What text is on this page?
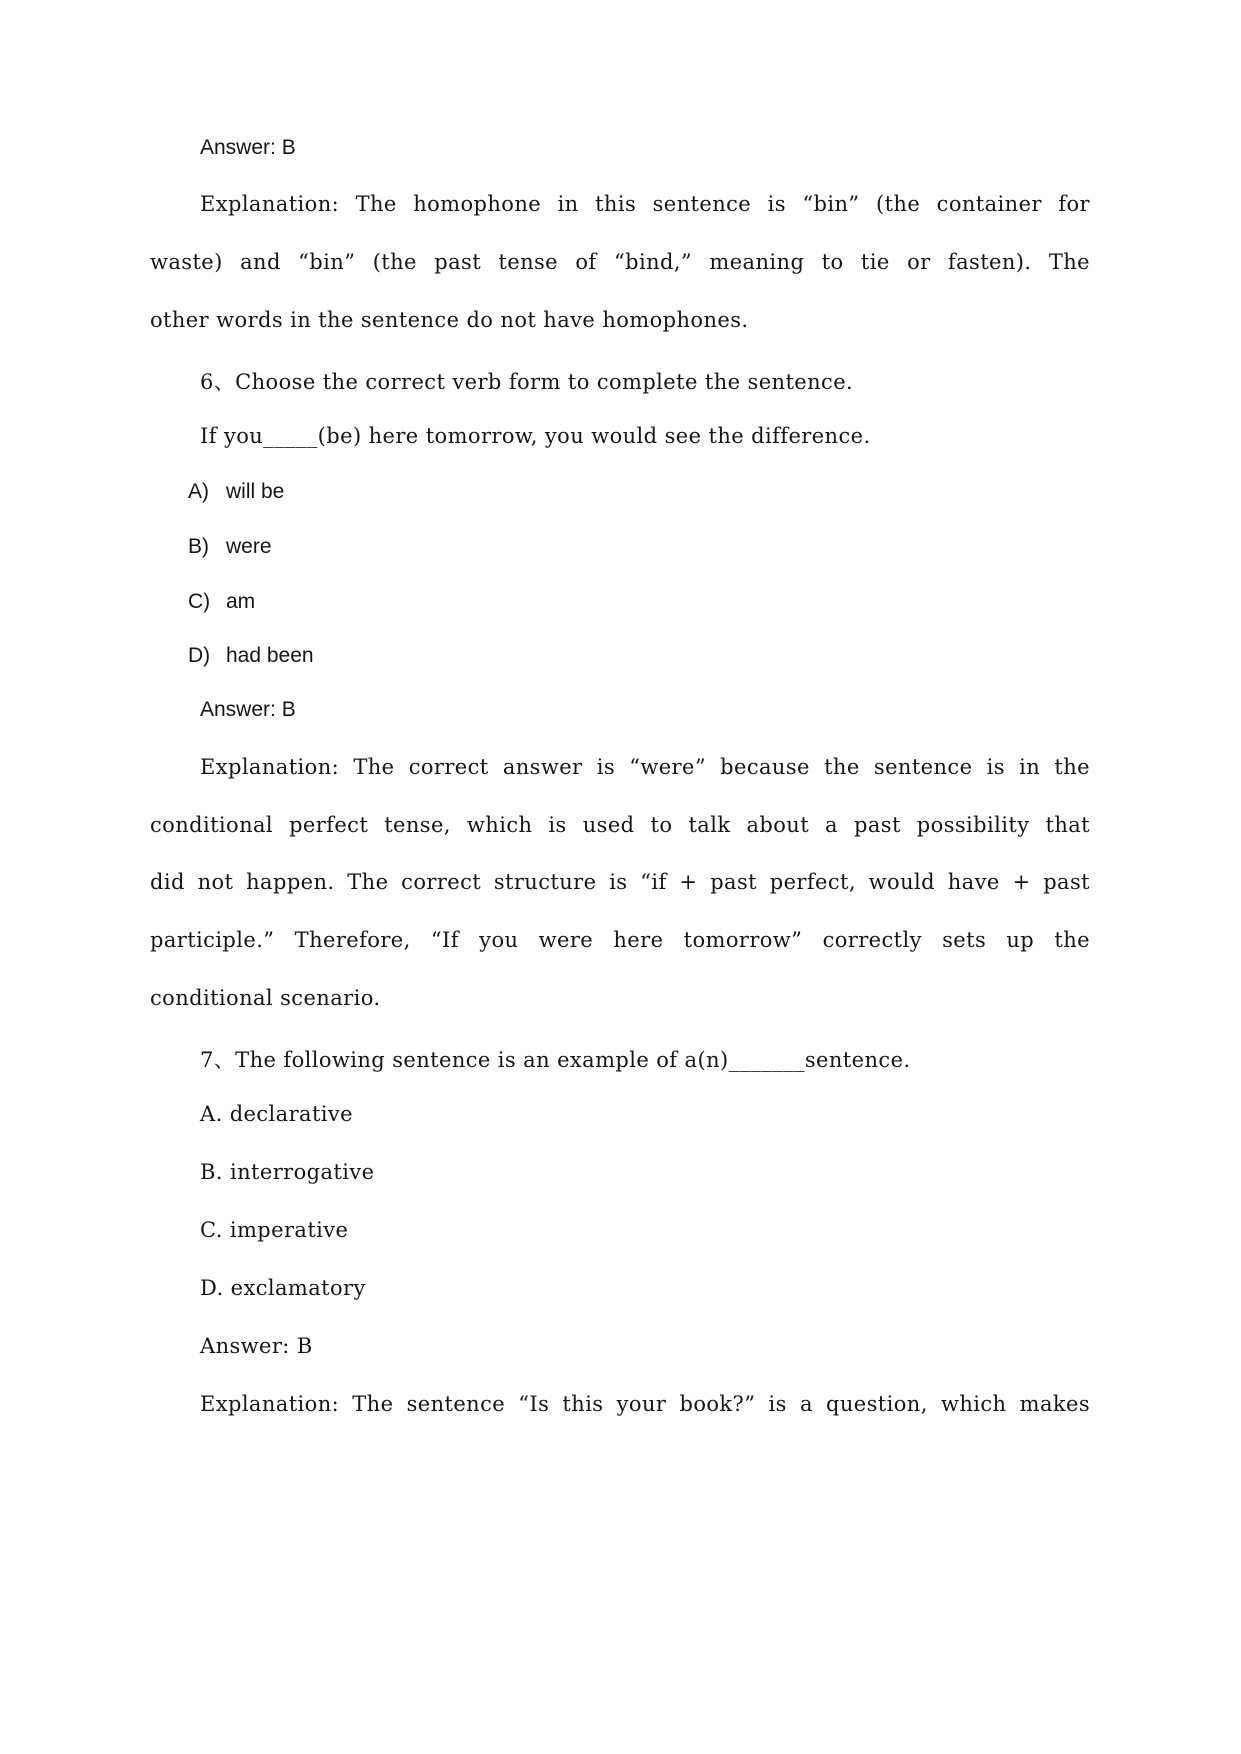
Answer: B
Explanation: The homophone in this sentence is “bin” (the container for
waste) and “bin” (the past tense of “bind,” meaning to tie or fasten). The
other words in the sentence do not have homophones.
6、Choose the correct verb form to complete the sentence.
If you_____(be) here tomorrow, you would see the difference.
A) will be
B) were
C) am
D) had been
Answer: B
Explanation: The correct answer is “were” because the sentence is in the
conditional perfect tense, which is used to talk about a past possibility that
did not happen. The correct structure is “if + past perfect, would have + past
participle.” Therefore, “If you were here tomorrow” correctly sets up the
conditional scenario.
7、The following sentence is an example of a(n)_______sentence.
A. declarative
B. interrogative
C. imperative
D. exclamatory
Answer: B
Explanation: The sentence “Is this your book?” is a question, which makes
